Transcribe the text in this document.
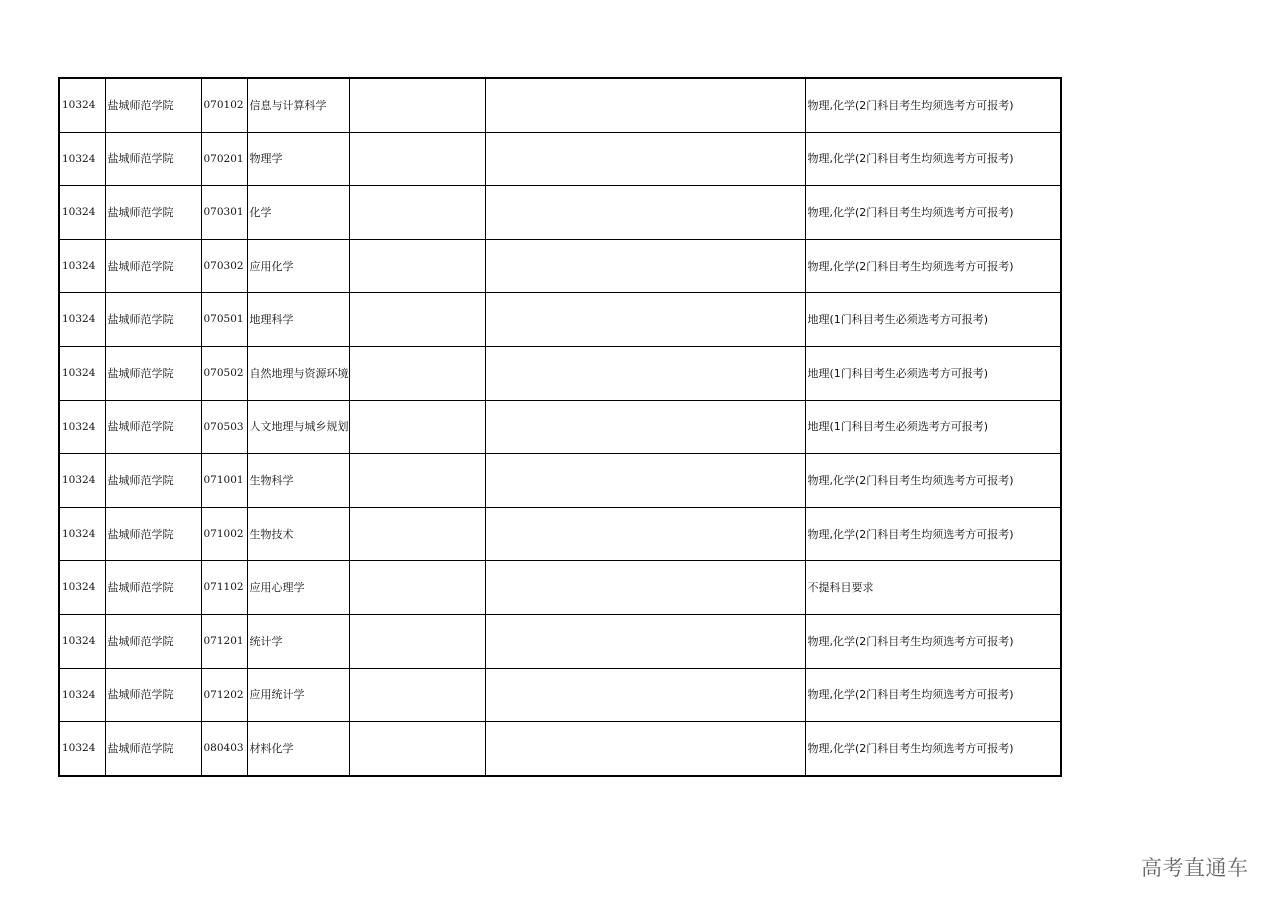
10324	盐城师范学院	070102	信息与计算科学			物理,化学(2门科目考生均须选考方可报考)
10324	盐城师范学院	070201	物理学			物理,化学(2门科目考生均须选考方可报考)
10324	盐城师范学院	070301	化学			物理,化学(2门科目考生均须选考方可报考)
10324	盐城师范学院	070302	应用化学			物理,化学(2门科目考生均须选考方可报考)
10324	盐城师范学院	070501	地理科学			地理(1门科目考生必须选考方可报考)
10324	盐城师范学院	070502	自然地理与资源环境			地理(1门科目考生必须选考方可报考)
10324	盐城师范学院	070503	人文地理与城乡规划			地理(1门科目考生必须选考方可报考)
10324	盐城师范学院	071001	生物科学			物理,化学(2门科目考生均须选考方可报考)
10324	盐城师范学院	071002	生物技术			物理,化学(2门科目考生均须选考方可报考)
10324	盐城师范学院	071102	应用心理学			不提科目要求
10324	盐城师范学院	071201	统计学			物理,化学(2门科目考生均须选考方可报考)
10324	盐城师范学院	071202	应用统计学			物理,化学(2门科目考生均须选考方可报考)
10324	盐城师范学院	080403	材料化学			物理,化学(2门科目考生均须选考方可报考)
高考直通车
